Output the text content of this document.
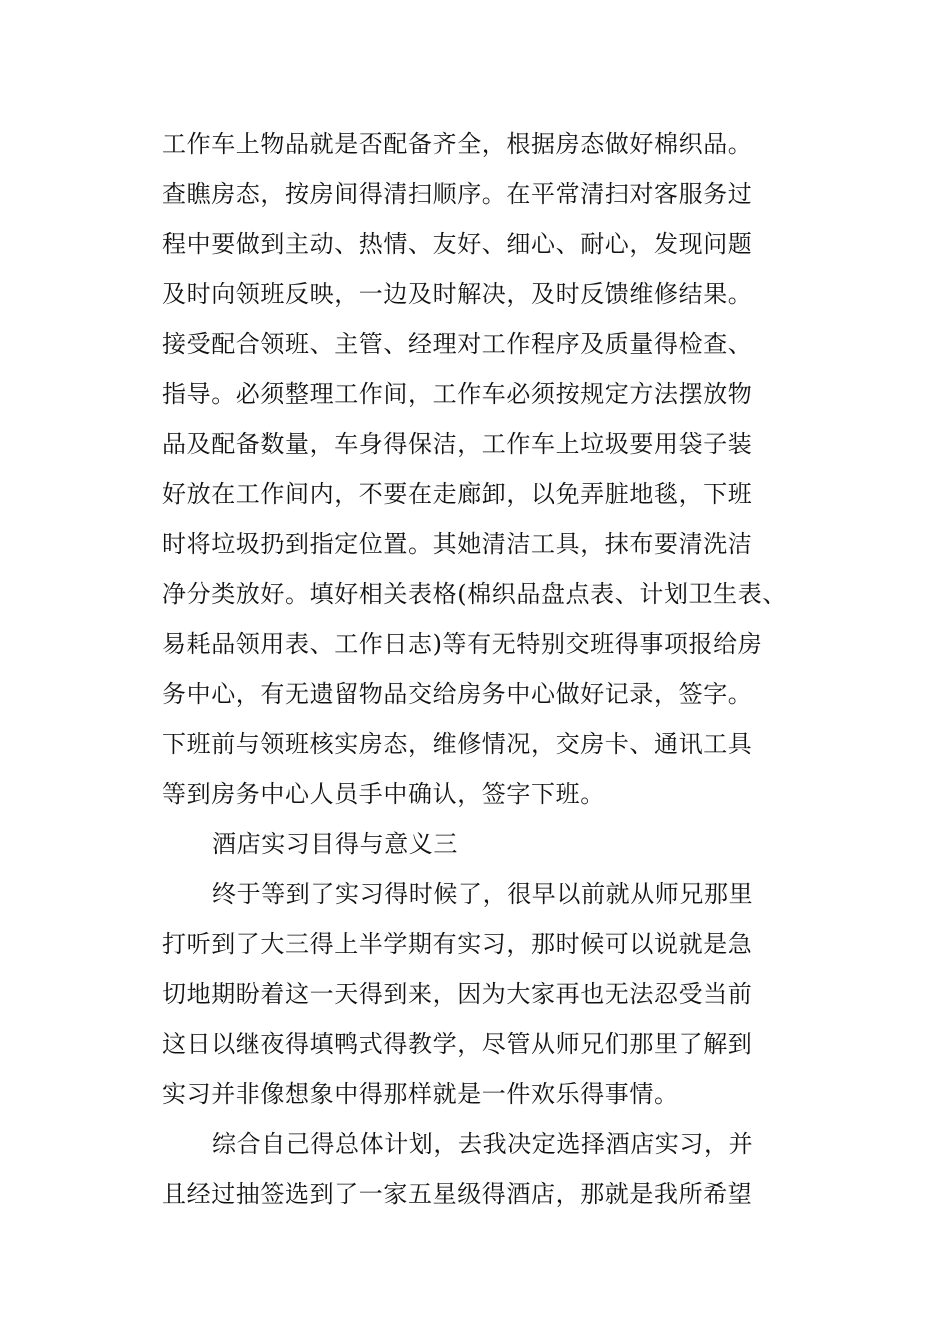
工作车上物品就是否配备齐全，根据房态做好棉织品。
查瞧房态，按房间得清扫顺序。在平常清扫对客服务过
程中要做到主动、热情、友好、细心、耐心，发现问题
及时向领班反映，一边及时解决，及时反馈维修结果。
接受配合领班、主管、经理对工作程序及质量得检查、
指导。必须整理工作间，工作车必须按规定方法摆放物
品及配备数量，车身得保洁，工作车上垃圾要用袋子装
好放在工作间内，不要在走廊卸，以免弄脏地毯，下班
时将垃圾扔到指定位置。其她清洁工具，抹布要清洗洁
净分类放好。填好相关表格(棉织品盘点表、计划卫生表、
易耗品领用表、工作日志)等有无特别交班得事项报给房
务中心，有无遗留物品交给房务中心做好记录，签字。
下班前与领班核实房态，维修情况，交房卡、通讯工具
等到房务中心人员手中确认，签字下班。
酒店实习目得与意义三
终于等到了实习得时候了，很早以前就从师兄那里
打听到了大三得上半学期有实习，那时候可以说就是急
切地期盼着这一天得到来，因为大家再也无法忍受当前
这日以继夜得填鸭式得教学，尽管从师兄们那里了解到
实习并非像想象中得那样就是一件欢乐得事情。
综合自己得总体计划，去我决定选择酒店实习，并
且经过抽签选到了一家五星级得酒店，那就是我所希望
